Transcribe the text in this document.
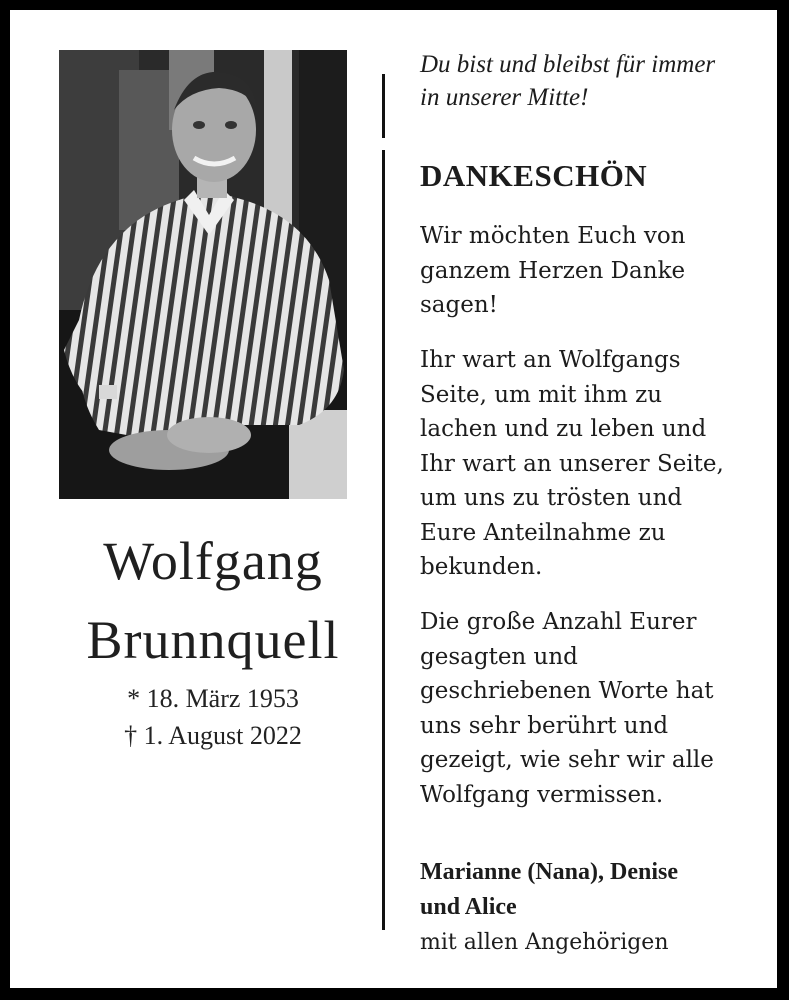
Wolfgang
Brunnquell
* 18. März 1953
† 1. August 2022
Du bist und bleibst für immer
in unserer Mitte!
DANKESCHÖN
Wir möchten Euch von
ganzem Herzen Danke
sagen!
Ihr wart an Wolfgangs
Seite, um mit ihm zu
lachen und zu leben und
Ihr wart an unserer Seite,
um uns zu trösten und
Eure Anteilnahme zu
bekunden.
Die große Anzahl Eurer
gesagten und
geschriebenen Worte hat
uns sehr berührt und
gezeigt, wie sehr wir alle
Wolfgang vermissen.
Marianne (Nana), Denise
und Alice
mit allen Angehörigen
